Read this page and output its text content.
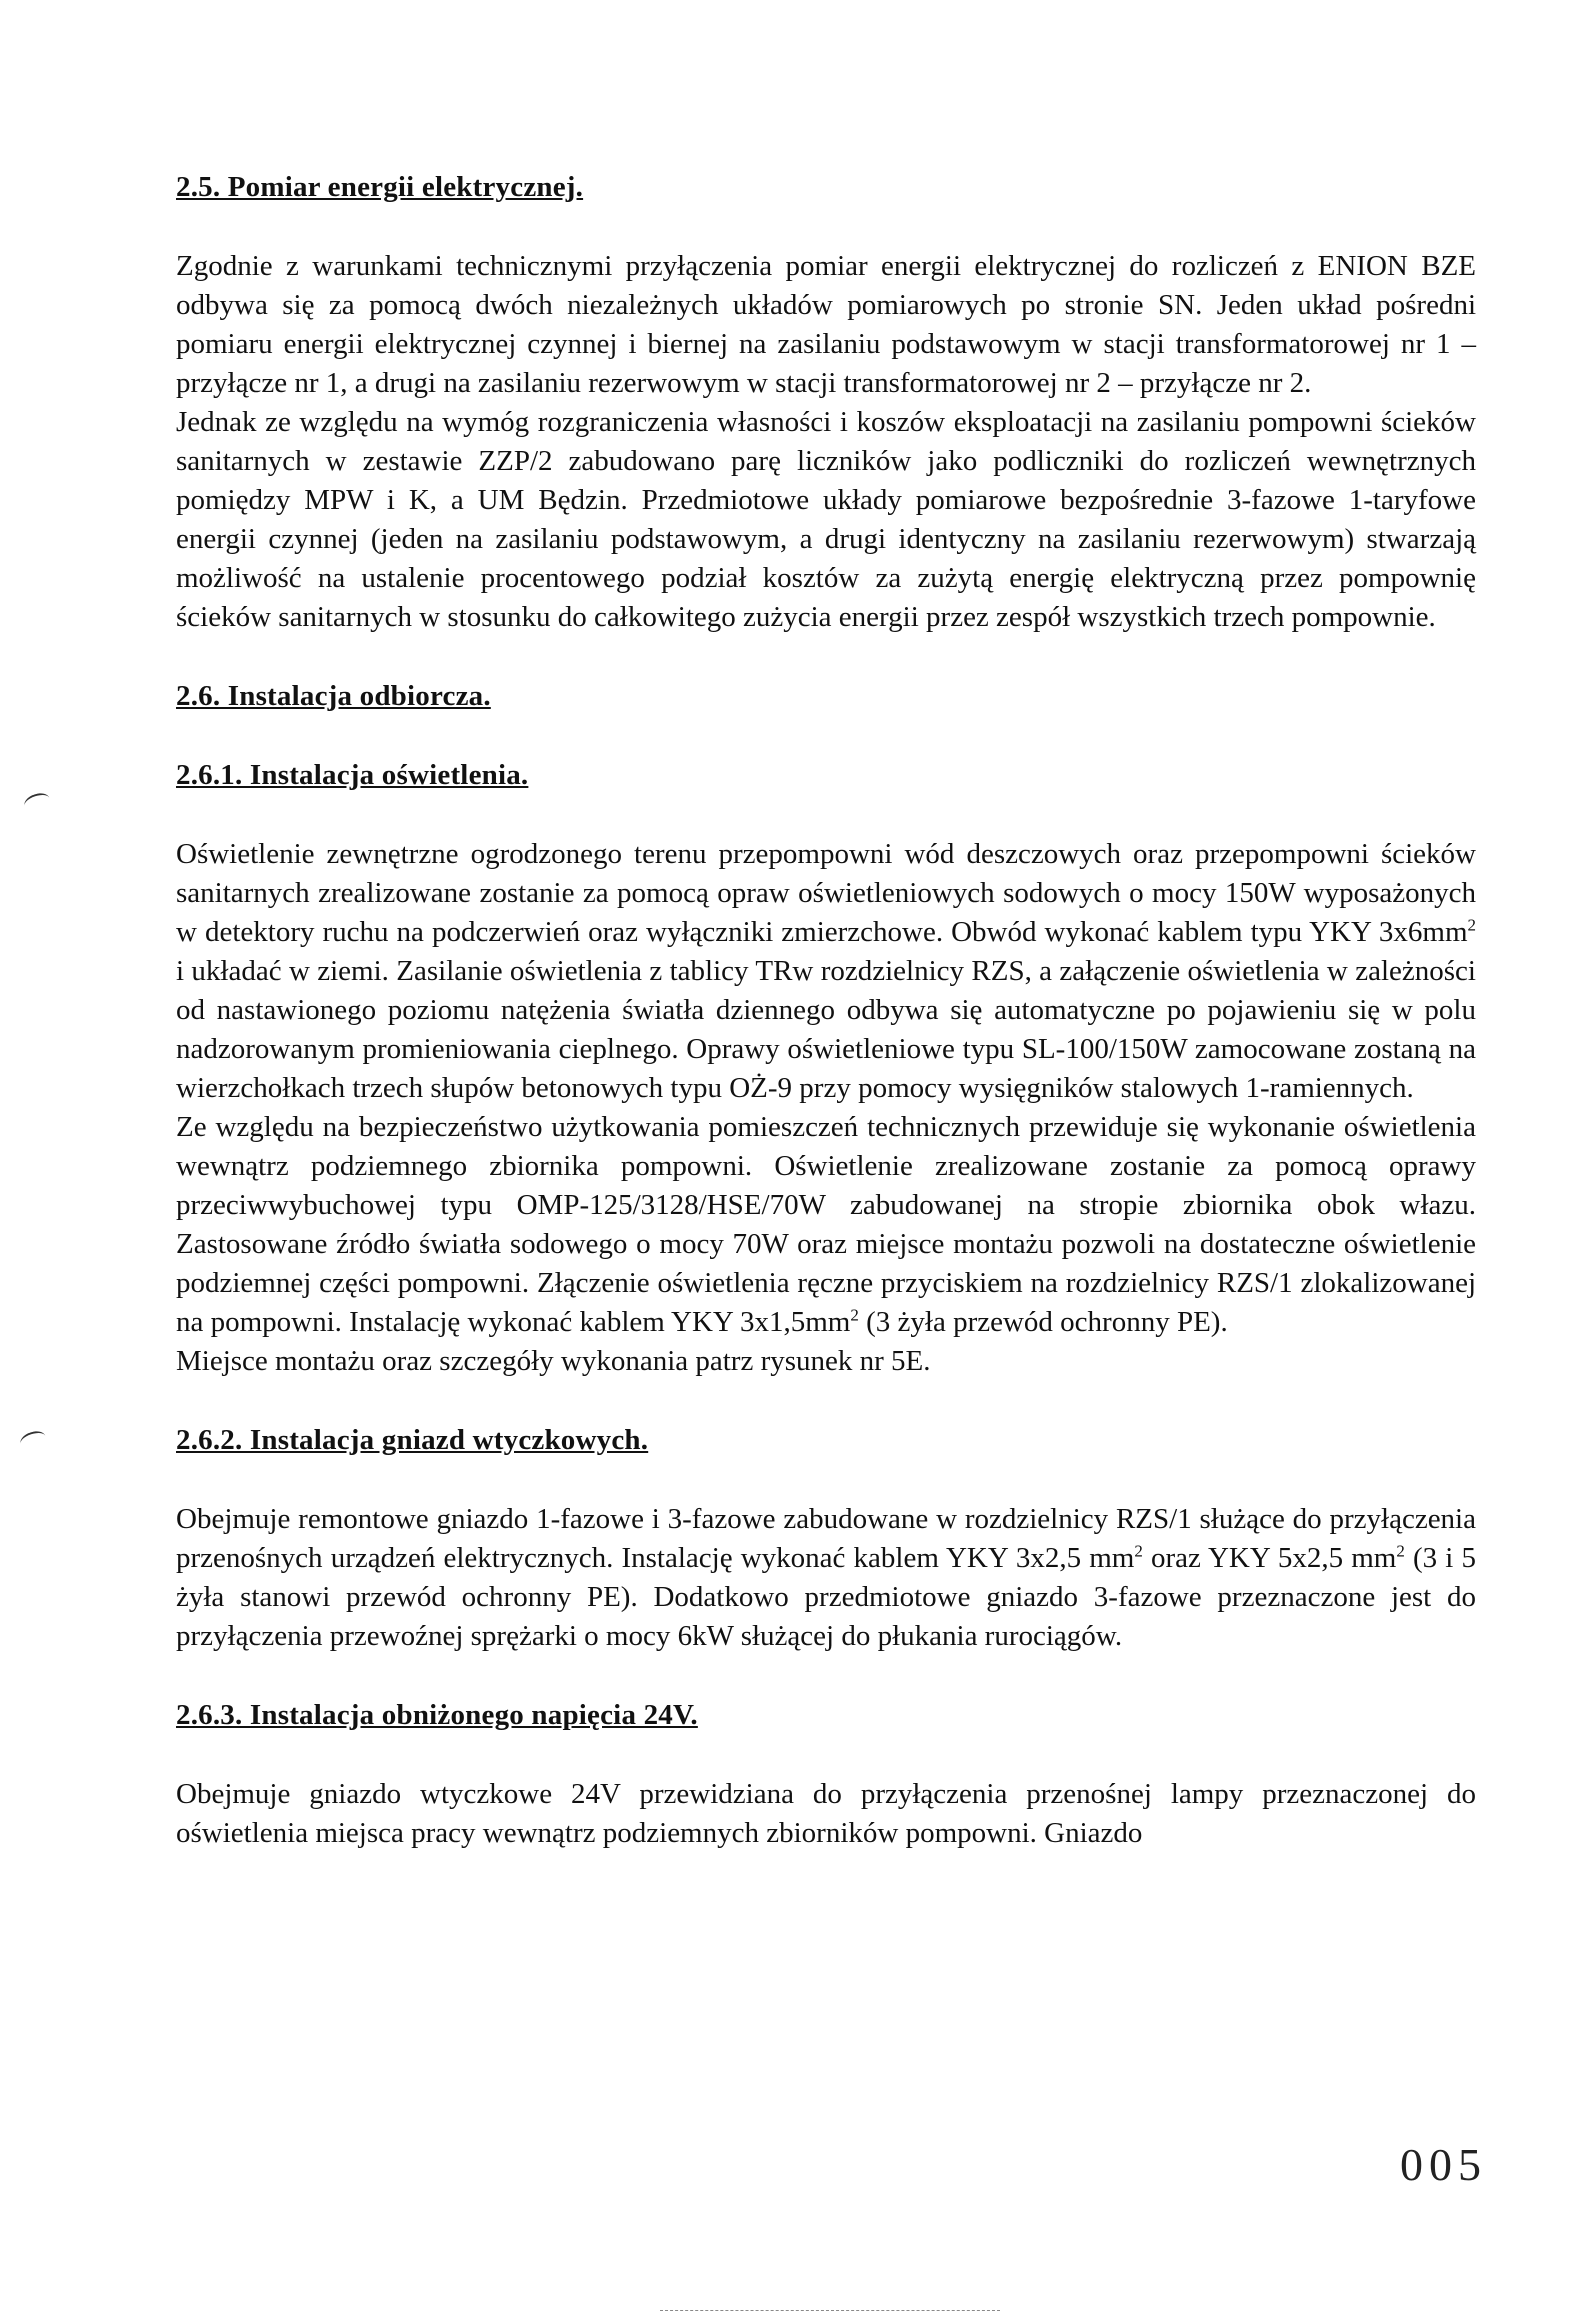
2.5. Pomiar energii elektrycznej.

Zgodnie z warunkami technicznymi przyłączenia pomiar energii elektrycznej do rozliczeń z ENION BZE odbywa się za pomocą dwóch niezależnych układów pomiarowych po stronie SN. Jeden układ pośredni pomiaru energii elektrycznej czynnej i biernej na zasilaniu podstawowym w stacji transformatorowej nr 1 – przyłącze nr 1, a drugi na zasilaniu rezerwowym w stacji transformatorowej nr 2 – przyłącze nr 2.

Jednak ze względu na wymóg rozgraniczenia własności i koszów eksploatacji na zasilaniu pompowni ścieków sanitarnych w zestawie ZZP/2 zabudowano parę liczników jako podliczniki do rozliczeń wewnętrznych pomiędzy MPW i K, a UM Będzin. Przedmiotowe układy pomiarowe bezpośrednie 3-fazowe 1-taryfowe energii czynnej (jeden na zasilaniu podstawowym, a drugi identyczny na zasilaniu rezerwowym) stwarzają możliwość na ustalenie procentowego podział kosztów za zużytą energię elektryczną przez pompownię ścieków sanitarnych w stosunku do całkowitego zużycia energii przez zespół wszystkich trzech pompownie.

2.6. Instalacja odbiorcza.

2.6.1. Instalacja oświetlenia.

Oświetlenie zewnętrzne ogrodzonego terenu przepompowni wód deszczowych oraz przepompowni ścieków sanitarnych zrealizowane zostanie za pomocą opraw oświetleniowych sodowych o mocy 150W wyposażonych w detektory ruchu na podczerwień oraz wyłączniki zmierzchowe. Obwód wykonać kablem typu YKY $3x6mm^2$ i układać w ziemi. Zasilanie oświetlenia z tablicy TRw rozdzielnicy RZS, a załączenie oświetlenia w zależności od nastawionego poziomu natężenia światła dziennego odbywa się automatyczne po pojawieniu się w polu nadzorowanym promieniowania cieplnego. Oprawy oświetleniowe typu SL-100/150W zamocowane zostaną na wierzchołkach trzech słupów betonowych typu OŻ-9 przy pomocy wysięgników stalowych 1-ramiennych.

Ze względu na bezpieczeństwo użytkowania pomieszczeń technicznych przewiduje się wykonanie oświetlenia wewnątrz podziemnego zbiornika pompowni. Oświetlenie zrealizowane zostanie za pomocą oprawy przeciwwybuchowej typu OMP-125/3128/HSE/70W zabudowanej na stropie zbiornika obok włazu. Zastosowane źródło światła sodowego o mocy 70W oraz miejsce montażu pozwoli na dostateczne oświetlenie podziemnej części pompowni. Złączenie oświetlenia ręczne przyciskiem na rozdzielnicy RZS/1 zlokalizowanej na pompowni. Instalację wykonać kablem YKY $3x1,5mm^2$ (3 żyła przewód ochronny PE).

Miejsce montażu oraz szczegóły wykonania patrz rysunek nr 5E.

2.6.2. Instalacja gniazd wtyczkowych.

Obejmuje remontowe gniazdo 1-fazowe i 3-fazowe zabudowane w rozdzielnicy RZS/1 służące do przyłączenia przenośnych urządzeń elektrycznych. Instalację wykonać kablem YKY 3x2,5 $mm^2$ oraz YKY 5x2,5 $mm^2$ (3 i 5 żyła stanowi przewód ochronny PE). Dodatkowo przedmiotowe gniazdo 3-fazowe przeznaczone jest do przyłączenia przewoźnej sprężarki o mocy 6kW służącej do płukania rurociągów.

2.6.3. Instalacja obniżonego napięcia 24V.

Obejmuje gniazdo wtyczkowe 24V przewidziana do przyłączenia przenośnej lampy przeznaczonej do oświetlenia miejsca pracy wewnątrz podziemnych zbiorników pompowni. Gniazdo

005
